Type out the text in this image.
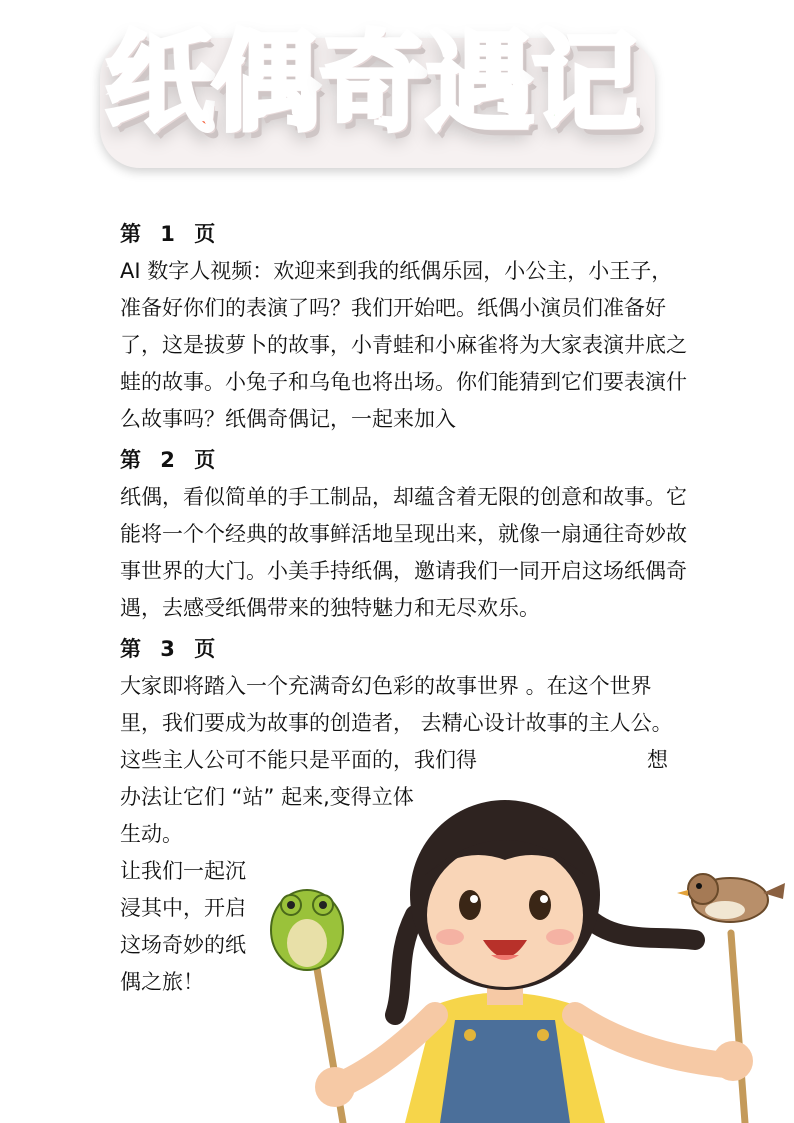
纸
偶 奇
遇
记
第 1 页

AI 数字人视频：欢迎来到我的纸偶乐园，小公主，小王子，准备好你们的表演了吗？我们开始吧。纸偶小演员们准备好了，这是拔萝卜的故事，小青蛙和小麻雀将为大家表演井底之蛙的故事。小兔子和乌龟也将出场。你们能猜到它们要表演什么故事吗？纸偶奇偶记，一起来加入

第 2 页

纸偶，看似简单的手工制品，却蕴含着无限的创意和故事。它能将一个个经典的故事鲜活地呈现出来，就像一扇通往奇妙故事世界的大门。小美手持纸偶，邀请我们一同开启这场纸偶奇遇，去感受纸偶带来的独特魅力和无尽欢乐。

第 3 页

大家即将踏入一个充满奇幻色彩的故事世界 。在这个世界里，我们要成为故事的创造者， 去精心设计故事的主人公。这些主人公可不能只是平面的，我们得	想

办法让它们 “站” 起来,变得立体生动。

让我们一起沉浸其中，开启这场奇妙的纸偶之旅！
